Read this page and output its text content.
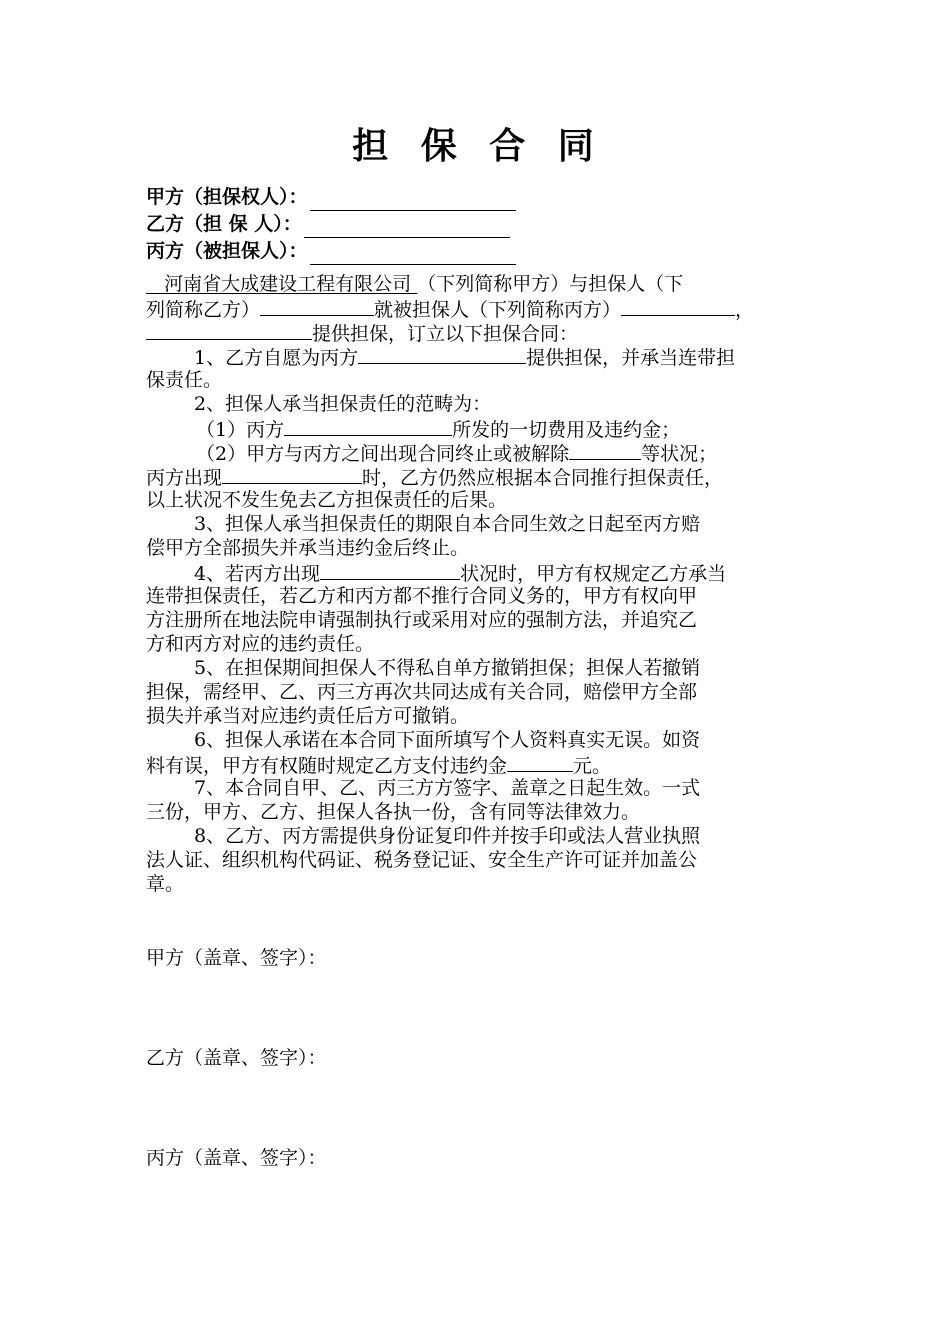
担 保 合 同
甲方（担保权人）：
乙方（担 保 人）：
丙方（被担保人）：
河南省大成建设工程有限公司 （下列简称甲方）与担保人（下
列简称乙方）	就被担保人（下列简称丙方）	，
提供担保，订立以下担保合同：
1、乙方自愿为丙方	提供担保，并承当连带担
保责任。
2、担保人承当担保责任的范畴为：
（1）丙方	所发的一切费用及违约金；
（2）甲方与丙方之间出现合同终止或被解除	等状况；
丙方出现	时，乙方仍然应根据本合同推行担保责任，
以上状况不发生免去乙方担保责任的后果。
3、担保人承当担保责任的期限自本合同生效之日起至丙方赔
偿甲方全部损失并承当违约金后终止。
4、若丙方出现	状况时，甲方有权规定乙方承当
连带担保责任，若乙方和丙方都不推行合同义务的，甲方有权向甲
方注册所在地法院申请强制执行或采用对应的强制方法，并追究乙
方和丙方对应的违约责任。
5、在担保期间担保人不得私自单方撤销担保；担保人若撤销
担保，需经甲、乙、丙三方再次共同达成有关合同，赔偿甲方全部
损失并承当对应违约责任后方可撤销。
6、担保人承诺在本合同下面所填写个人资料真实无误。如资
料有误，甲方有权随时规定乙方支付违约金	元。
7、本合同自甲、乙、丙三方方签字、盖章之日起生效。一式
三份，甲方、乙方、担保人各执一份，含有同等法律效力。
8、乙方、丙方需提供身份证复印件并按手印或法人营业执照
法人证、组织机构代码证、税务登记证、安全生产许可证并加盖公
章。
甲方（盖章、签字）：
乙方（盖章、签字）：
丙方（盖章、签字）：
